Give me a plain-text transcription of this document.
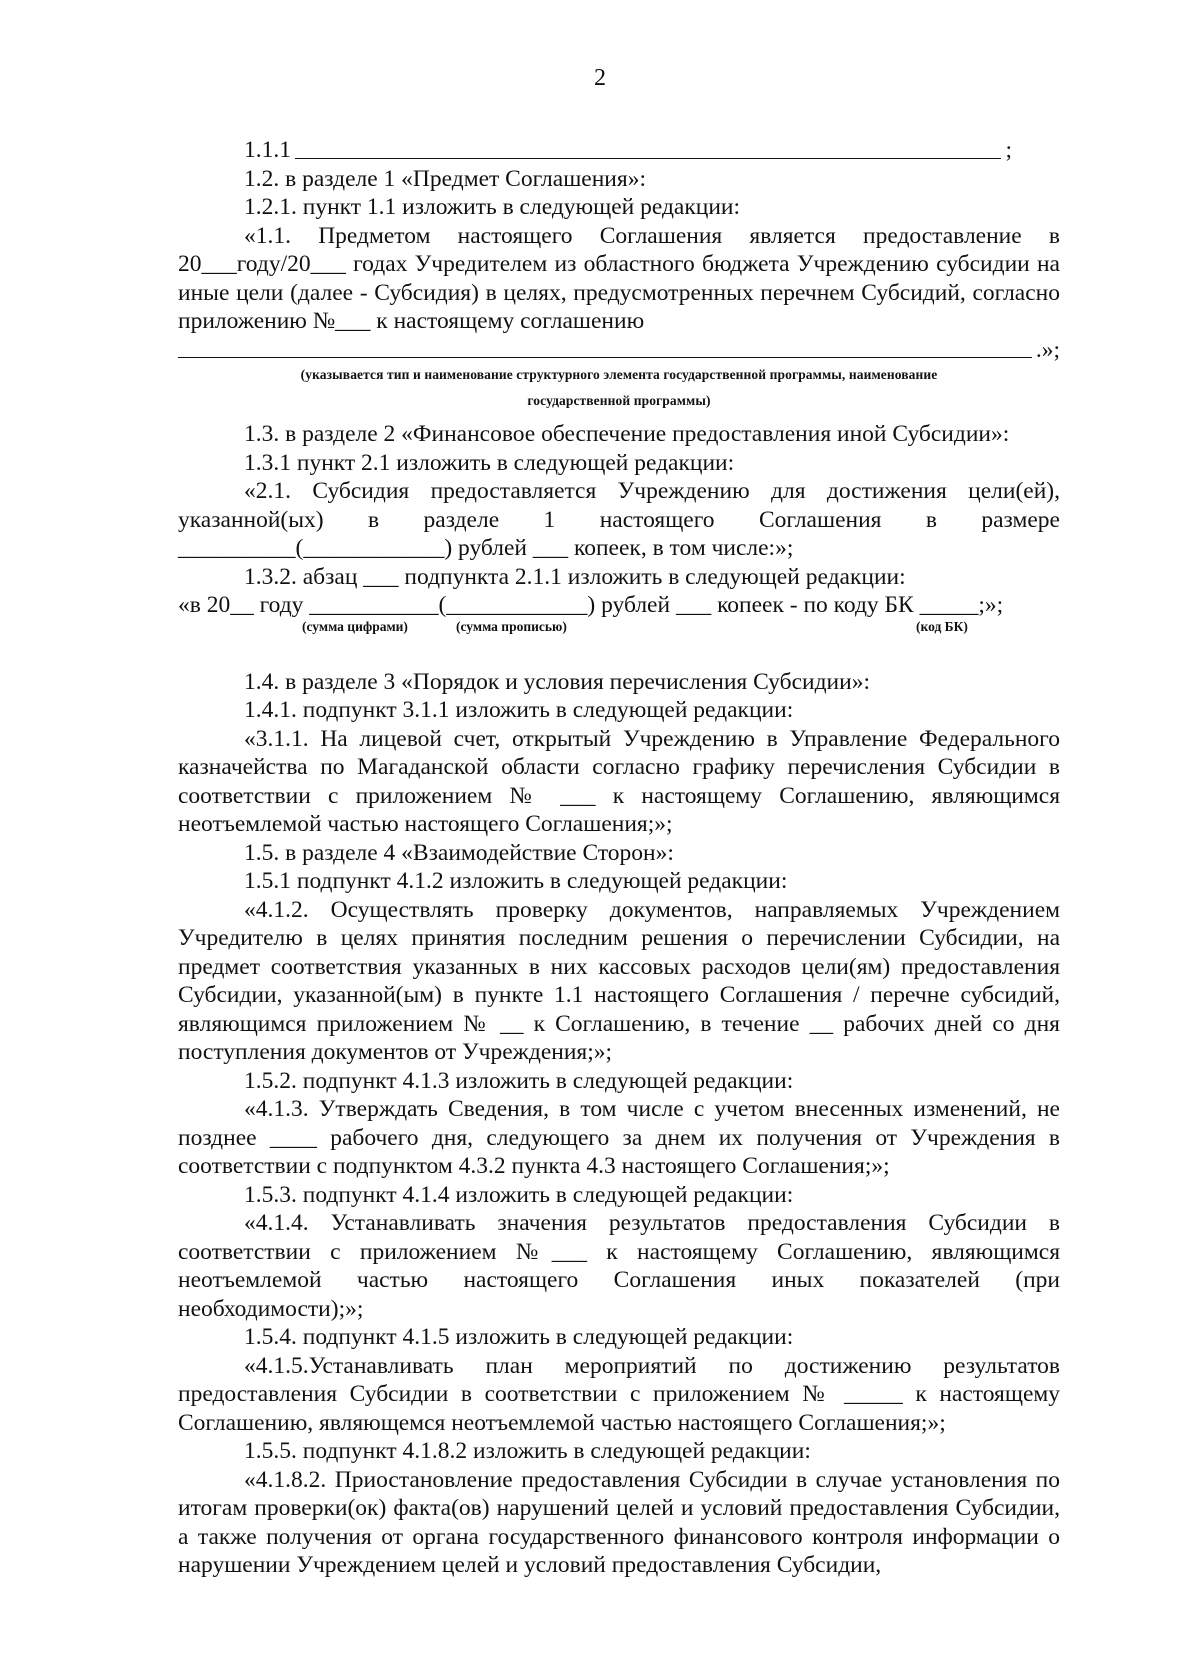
2
1.1.1	;

1.2. в разделе 1 «Предмет Соглашения»:

1.2.1. пункт 1.1 изложить в следующей редакции:

«1.1. Предметом настоящего Соглашения является предоставление в 20___году/20___ годах Учредителем из областного бюджета Учреждению субсидии на иные цели (далее - Субсидия) в целях, предусмотренных перечнем Субсидий, согласно приложению №___ к настоящему соглашению

.»;

(указывается тип и наименование структурного элемента государственной программы, наименование

государственной программы)

1.3. в разделе 2 «Финансовое обеспечение предоставления иной Субсидии»:

1.3.1 пункт 2.1 изложить в следующей редакции:

«2.1. Субсидия предоставляется Учреждению для достижения цели(ей), указанной(ых) в разделе 1 настоящего Соглашения в размере

__________(____________) рублей ___ копеек, в том числе:»;

1.3.2. абзац ___ подпункта 2.1.1 изложить в следующей редакции:

«в 20__ году ___________(____________) рублей ___ копеек - по коду БК _____;»;

(сумма цифрами)	(сумма прописью)	(код БК)

1.4. в разделе 3 «Порядок и условия перечисления Субсидии»:

1.4.1. подпункт 3.1.1 изложить в следующей редакции:

«3.1.1. На лицевой счет, открытый Учреждению в Управление Федерального казначейства по Магаданской области согласно графику перечисления Субсидии в соответствии с приложением № ___ к настоящему Соглашению, являющимся неотъемлемой частью настоящего Соглашения;»;

1.5. в разделе 4 «Взаимодействие Сторон»:

1.5.1 подпункт 4.1.2 изложить в следующей редакции:

«4.1.2. Осуществлять проверку документов, направляемых Учреждением Учредителю в целях принятия последним решения о перечислении Субсидии, на предмет соответствия указанных в них кассовых расходов цели(ям) предоставления Субсидии, указанной(ым) в пункте 1.1 настоящего Соглашения / перечне субсидий, являющимся приложением № __ к Соглашению, в течение __ рабочих дней со дня поступления документов от Учреждения;»;

1.5.2. подпункт 4.1.3 изложить в следующей редакции:

«4.1.3. Утверждать Сведения, в том числе с учетом внесенных изменений, не позднее ____ рабочего дня, следующего за днем их получения от Учреждения в соответствии с подпунктом 4.3.2 пункта 4.3 настоящего Соглашения;»;

1.5.3. подпункт 4.1.4 изложить в следующей редакции:

«4.1.4. Устанавливать значения результатов предоставления Субсидии в соответствии с приложением №___ к настоящему Соглашению, являющимся неотъемлемой частью настоящего Соглашения иных показателей (при необходимости);»;

1.5.4. подпункт 4.1.5 изложить в следующей редакции:

«4.1.5.Устанавливать план мероприятий по достижению результатов предоставления Субсидии в соответствии с приложением № _____ к настоящему Соглашению, являющемся неотъемлемой частью настоящего Соглашения;»;

1.5.5. подпункт 4.1.8.2 изложить в следующей редакции:

«4.1.8.2. Приостановление предоставления Субсидии в случае установления по итогам проверки(ок) факта(ов) нарушений целей и условий предоставления Субсидии, а также получения от органа государственного финансового контроля информации о нарушении Учреждением целей и условий предоставления Субсидии,
